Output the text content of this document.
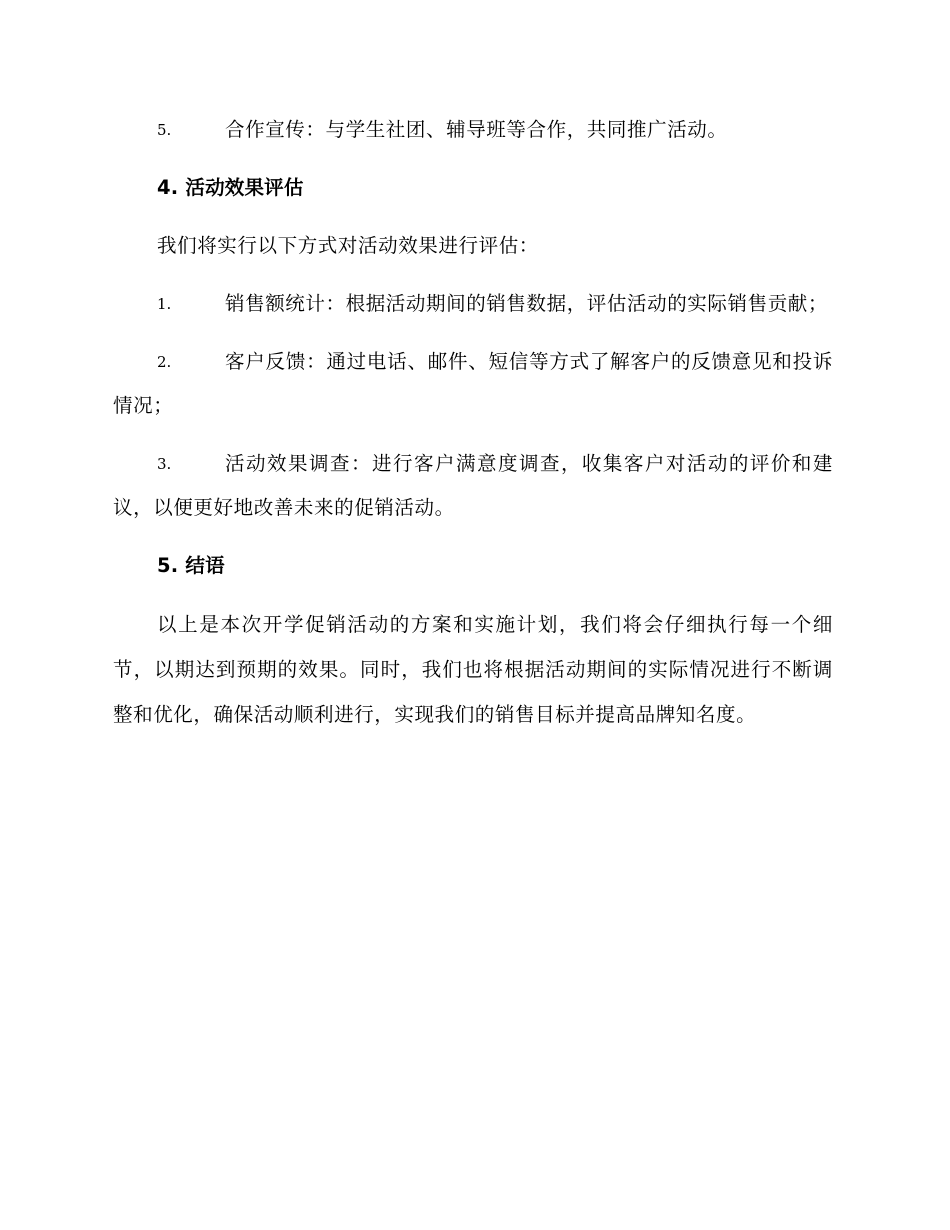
5.	合作宣传：与学生社团、辅导班等合作，共同推广活动。
4. 活动效果评估
我们将实行以下方式对活动效果进行评估：
1.	销售额统计：根据活动期间的销售数据，评估活动的实际销售贡献；
2.	客户反馈：通过电话、邮件、短信等方式了解客户的反馈意见和投诉情况；
3.	活动效果调查：进行客户满意度调查，收集客户对活动的评价和建议，以便更好地改善未来的促销活动。
5. 结语
以上是本次开学促销活动的方案和实施计划，我们将会仔细执行每一个细节，以期达到预期的效果。同时，我们也将根据活动期间的实际情况进行不断调整和优化，确保活动顺利进行，实现我们的销售目标并提高品牌知名度。
